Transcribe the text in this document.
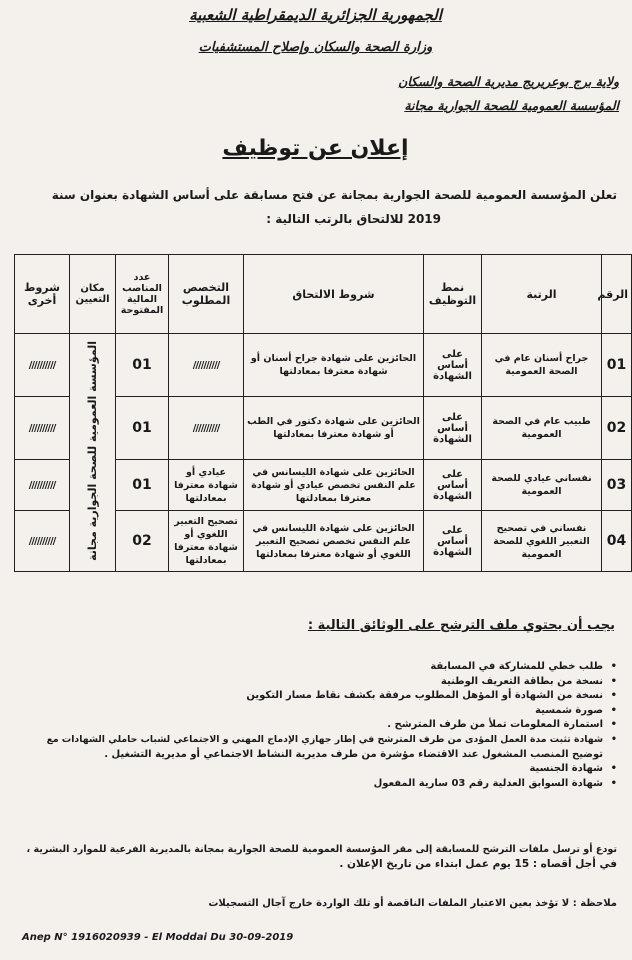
الجمهورية الجزائرية الديمقراطية الشعبية
وزارة الصحة والسكان وإصلاح المستشفيات
ولاية برج بوعريريج مديرية الصحة والسكان
المؤسسة العمومية للصحة الجوارية مجانة
إعلان عن توظيف
تعلن المؤسسة العمومية للصحة الجوارية بمجانة عن فتح مسابقة على أساس الشهادة بعنوان سنة
2019 للالتحاق بالرتب التالية :
الرقم	الرتبة	نمط التوظيف	شروط الالتحاق	التخصص المطلوب	عدد المناصب المالية المفتوحة	مكان التعيين	شروط أخرى
01	جراح أسنان عام في الصحة العمومية	على أساس الشهادة	الحائزين على شهادة جراح أسنان أو شهادة معترفا بمعادلتها	//////////	01	المؤسسة العمومية للصحة الجوارية مجانة	//////////
02	طبيب عام في الصحة العمومية	على أساس الشهادة	الحائزين على شهادة دكتور في الطب أو شهادة معترفا بمعادلتها	//////////	01		//////////
03	نفساني عيادي للصحة العمومية	على أساس الشهادة	الحائزين على شهادة الليسانس في علم النفس تخصص عيادي أو شهادة معترفا بمعادلتها	عيادي أو شهادة معترفا بمعادلتها	01		//////////
04	نفساني في تصحيح التعبير اللغوي للصحة العمومية	على أساس الشهادة	الحائزين على شهادة الليسانس في علم النفس تخصص تصحيح التعبير اللغوي أو شهادة معترفا بمعادلتها	تصحيح التعبير اللغوي أو شهادة معترفا بمعادلتها	02		//////////
يجب أن يحتوي ملف الترشح على الوثائق التالية :
• طلب خطي للمشاركة في المسابقة
• نسخة من بطاقة التعريف الوطنية
• نسخة من الشهادة أو المؤهل المطلوب مرفقة بكشف نقاط مسار التكوين
• صورة شمسية
• استمارة المعلومات تملأ من طرف المترشح .
• شهادة تثبت مدة العمل المؤدى من طرف المترشح في إطار جهازي الإدماج المهني و الاجتماعي لشباب حاملي الشهادات مع
توضيح المنصب المشغول عند الاقتضاء مؤشرة من طرف مديرية النشاط الاجتماعي أو مديرية التشغيل .
• شهادة الجنسية
• شهادة السوابق العدلية رقم 03 سارية المفعول
تودع أو ترسل ملفات الترشح للمسابقة إلى مقر المؤسسة العمومية للصحة الجوارية بمجانة بالمديرية الفرعية للموارد البشرية ،
في أجل أقصاه : 15 يوم عمل ابتداء من تاريخ الإعلان .
ملاحظة : لا تؤخذ بعين الاعتبار الملفات الناقصة أو تلك الواردة خارج آجال التسجيلات
Anep N° 1916020939 - El Moddai Du 30-09-2019
